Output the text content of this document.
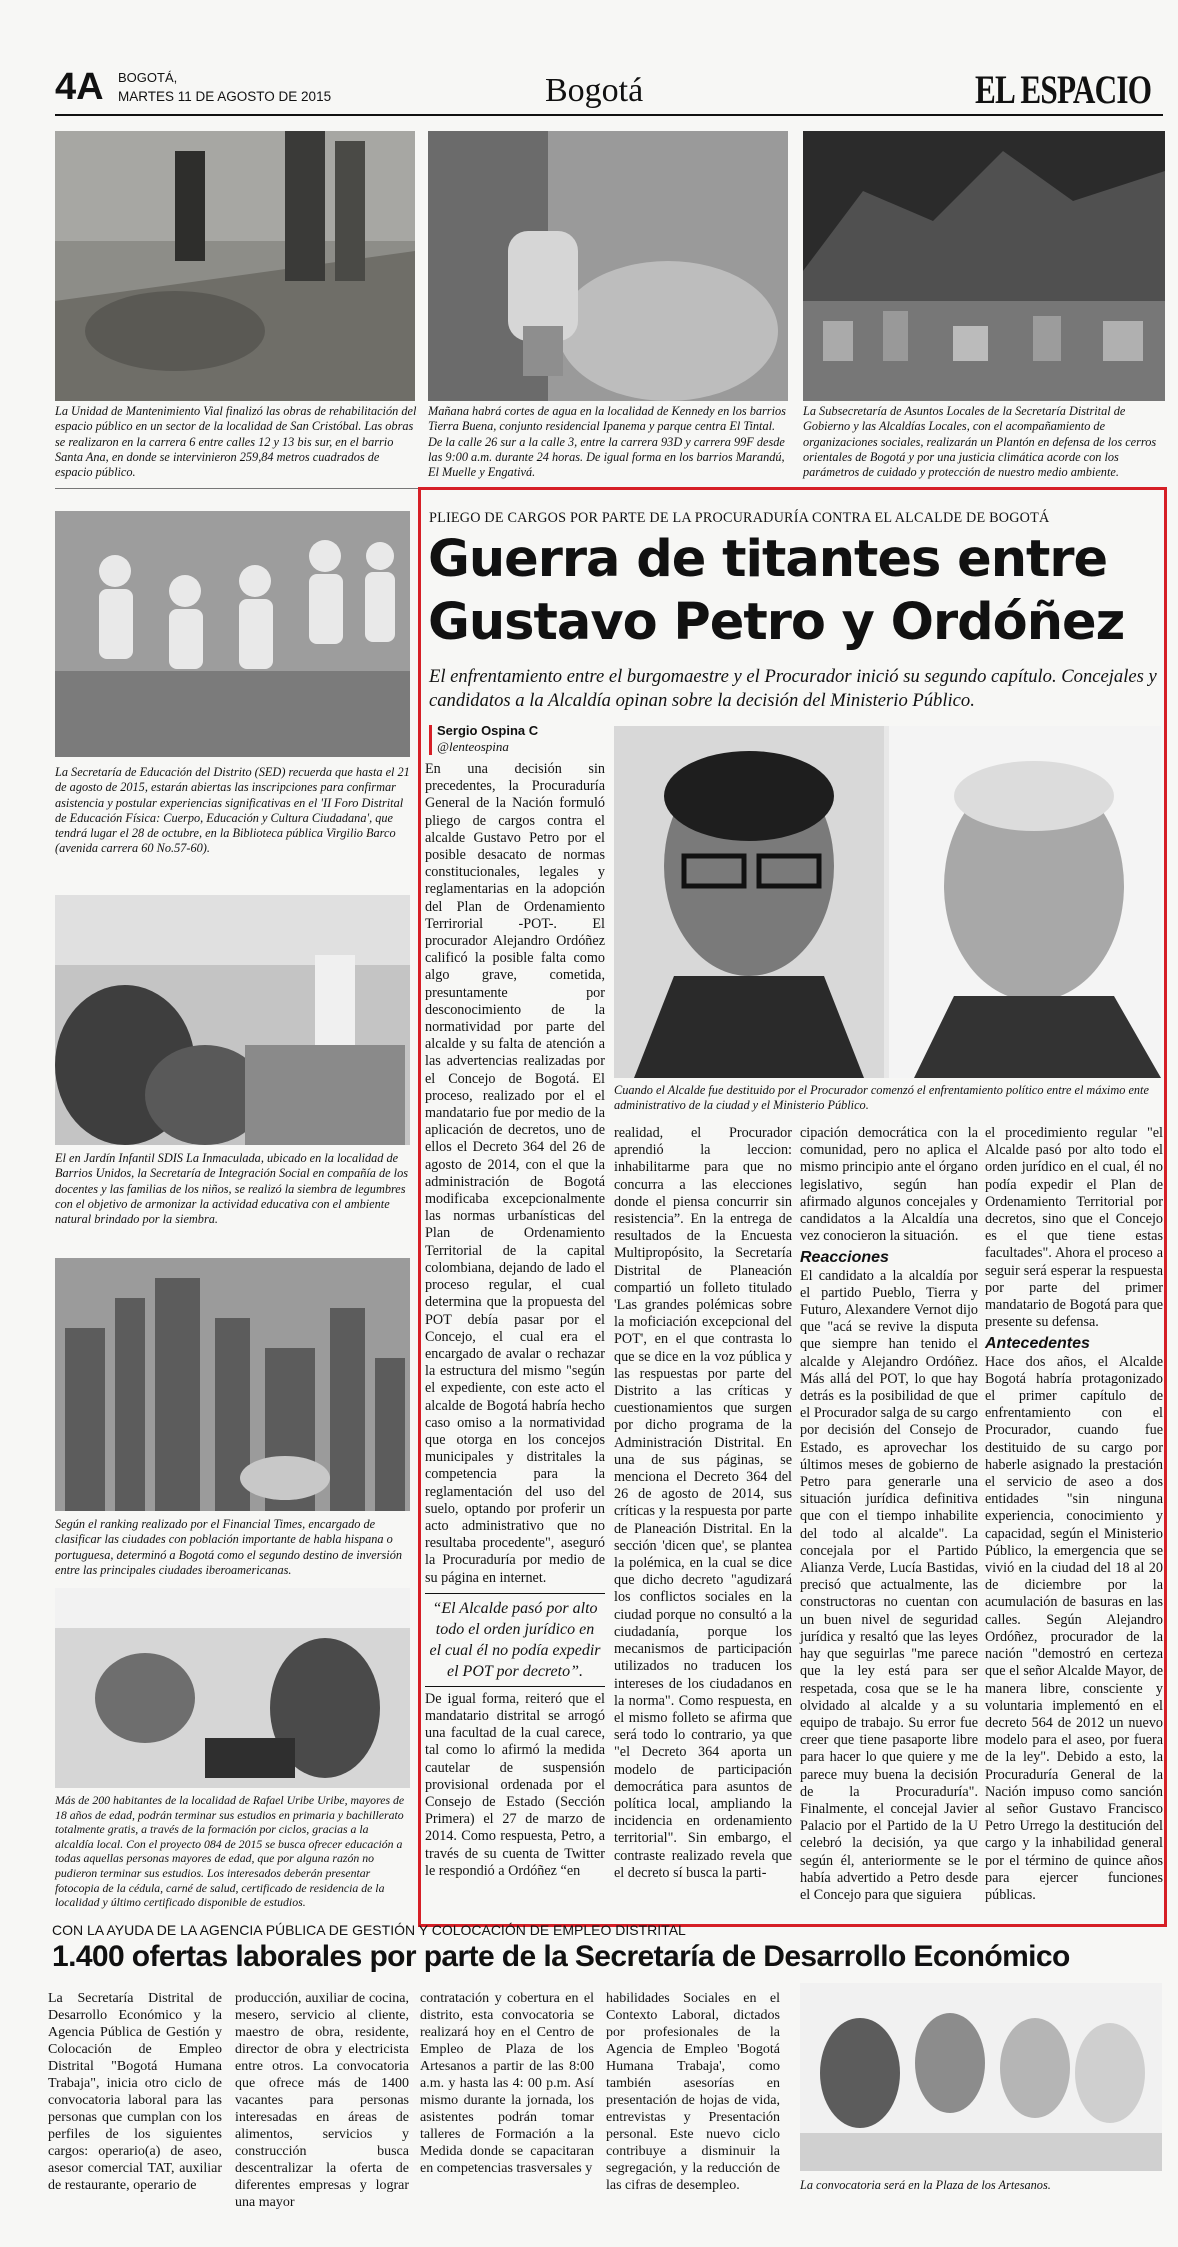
4A BOGOTÁ,
MARTES 11 DE AGOSTO DE 2015	Bogotá	EL ESPACIO
La Unidad de Mantenimiento Vial finalizó las obras de rehabilitación del espacio público en un sector de la localidad de San Cristóbal. Las obras se realizaron en la carrera 6 entre calles 12 y 13 bis sur, en el barrio Santa Ana, en donde se intervinieron 259,84 metros cuadrados de espacio público.
Mañana habrá cortes de agua en la localidad de Kennedy en los barrios Tierra Buena, conjunto residencial Ipanema y parque centra El Tintal. De la calle 26 sur a la calle 3, entre la carrera 93D y carrera 99F desde las 9:00 a.m. durante 24 horas. De igual forma en los barrios Marandú, El Muelle y Engativá.
La Subsecretaría de Asuntos Locales de la Secretaría Distrital de Gobierno y las Alcaldías Locales, con el acompañamiento de organizaciones sociales, realizarán un Plantón en defensa de los cerros orientales de Bogotá y por una justicia climática acorde con los parámetros de cuidado y protección de nuestro medio ambiente.
La Secretaría de Educación del Distrito (SED) recuerda que hasta el 21 de agosto de 2015, estarán abiertas las inscripciones para confirmar asistencia y postular experiencias significativas en el 'II Foro Distrital de Educación Física: Cuerpo, Educación y Cultura Ciudadana', que tendrá lugar el 28 de octubre, en la Biblioteca pública Virgilio Barco (avenida carrera 60 No.57-60).
El en Jardín Infantil SDIS La Inmaculada, ubicado en la localidad de Barrios Unidos, la Secretaría de Integración Social en compañía de los docentes y las familias de los niños, se realizó la siembra de legumbres con el objetivo de armonizar la actividad educativa con el ambiente natural brindado por la siembra.
Según el ranking realizado por el Financial Times, encargado de clasificar las ciudades con población importante de habla hispana o portuguesa, determinó a Bogotá como el segundo destino de inversión entre las principales ciudades iberoamericanas.
Más de 200 habitantes de la localidad de Rafael Uribe Uribe, mayores de 18 años de edad, podrán terminar sus estudios en primaria y bachillerato totalmente gratis, a través de la formación por ciclos, gracias a la alcaldía local. Con el proyecto 084 de 2015 se busca ofrecer educación a todas aquellas personas mayores de edad, que por alguna razón no pudieron terminar sus estudios. Los interesados deberán presentar fotocopia de la cédula, carné de salud, certificado de residencia de la localidad y último certificado disponible de estudios.
PLIEGO DE CARGOS POR PARTE DE LA PROCURADURÍA CONTRA EL ALCALDE DE BOGOTÁ
Guerra de titantes entre
Gustavo Petro y Ordóñez
El enfrentamiento entre el burgomaestre y el Procurador inició su segundo capítulo. Concejales y candidatos a la Alcaldía opinan sobre la decisión del Ministerio Público.
Sergio Ospina C
@lenteospina
Cuando el Alcalde fue destituido por el Procurador comenzó el enfrentamiento político entre el máximo ente administrativo de la ciudad y el Ministerio Público.

En una decisión sin precedentes, la Procuraduría General de la Nación formuló pliego de cargos contra el alcalde Gustavo Petro por el posible desacato de normas constitucionales, legales y reglamentarias en la adopción del Plan de Ordenamiento Terrirorial -POT-. El procurador Alejandro Ordóñez calificó la posible falta como algo grave, cometida, presuntamente por desconocimiento de la normatividad por parte del alcalde y su falta de atención a las advertencias realizadas por el Concejo de Bogotá. El proceso, realizado por el el mandatario fue por medio de la aplicación de decretos, uno de ellos el Decreto 364 del 26 de agosto de 2014, con el que la administración de Bogotá modificaba excepcionalmente las normas urbanísticas del Plan de Ordenamiento Territorial de la capital colombiana, dejando de lado el proceso regular, el cual determina que la propuesta del POT debía pasar por el Concejo, el cual era el encargado de avalar o rechazar la estructura del mismo "según el expediente, con este acto el alcalde de Bogotá habría hecho caso omiso a la normatividad que otorga en los concejos municipales y distritales la competencia para la reglamentación del uso del suelo, optando por proferir un acto administrativo que no resultaba procedente", aseguró la Procuraduría por medio de su página en internet.

“El Alcalde pasó por alto todo el orden jurídico en el cual él no podía expedir el POT por decreto”.

De igual forma, reiteró que el mandatario distrital se arrogó una facultad de la cual carece, tal como lo afirmó la medida cautelar de suspensión provisional ordenada por el Consejo de Estado (Sección Primera) el 27 de marzo de 2014. Como respuesta, Petro, a través de su cuenta de Twitter le respondió a Ordóñez “en

realidad, el Procurador aprendió la leccion: inhabilitarme para que no concurra a las elecciones donde el piensa concurrir sin resistencia”. En la entrega de resultados de la Encuesta Multipropósito, la Secretaría Distrital de Planeación compartió un folleto titulado 'Las grandes polémicas sobre la moficiación excepcional del POT', en el que contrasta lo que se dice en la voz pública y las respuestas por parte del Distrito a las críticas y cuestionamientos que surgen por dicho programa de la Administración Distrital. En una de sus páginas, se menciona el Decreto 364 del 26 de agosto de 2014, sus críticas y la respuesta por parte de Planeación Distrital. En la sección 'dicen que', se plantea la polémica, en la cual se dice que dicho decreto "agudizará los conflictos sociales en la ciudad porque no consultó a la ciudadanía, porque los mecanismos de participación utilizados no traducen los intereses de los ciudadanos en la norma". Como respuesta, en el mismo folleto se afirma que será todo lo contrario, ya que "el Decreto 364 aporta un modelo de participación democrática para asuntos de política local, ampliando la incidencia en ordenamiento territorial". Sin embargo, el contraste realizado revela que el decreto sí busca la parti-

cipación democrática con la comunidad, pero no aplica el mismo principio ante el órgano legislativo, según han afirmado algunos concejales y candidatos a la Alcaldía una vez conocieron la situación.

Reacciones

El candidato a la alcaldía por el partido Pueblo, Tierra y Futuro, Alexandere Vernot dijo que "acá se revive la disputa que siempre han tenido el alcalde y Alejandro Ordóñez. Más allá del POT, lo que hay detrás es la posibilidad de que el Procurador salga de su cargo por decisión del Consejo de Estado, es aprovechar los últimos meses de gobierno de Petro para generarle una situación jurídica definitiva que con el tiempo inhabilite del todo al alcalde". La concejala por el Partido Alianza Verde, Lucía Bastidas, precisó que actualmente, las constructoras no cuentan con un buen nivel de seguridad jurídica y resaltó que las leyes hay que seguirlas "me parece que la ley está para ser respetada, cosa que se le ha olvidado al alcalde y a su equipo de trabajo. Su error fue creer que tiene pasaporte libre para hacer lo que quiere y me parece muy buena la decisión de la Procuraduría". Finalmente, el concejal Javier Palacio por el Partido de la U celebró la decisión, ya que según él, anteriormente se le había advertido a Petro desde el Concejo para que siguiera

el procedimiento regular "el Alcalde pasó por alto todo el orden jurídico en el cual, él no podía expedir el Plan de Ordenamiento Territorial por decretos, sino que el Concejo es el que tiene estas facultades". Ahora el proceso a seguir será esperar la respuesta por parte del primer mandatario de Bogotá para que presente su defensa.

Antecedentes

Hace dos años, el Alcalde Bogotá habría protagonizado el primer capítulo de enfrentamiento con el Procurador, cuando fue destituido de su cargo por haberle asignado la prestación el servicio de aseo a dos entidades "sin ninguna experiencia, conocimiento y capacidad, según el Ministerio Público, la emergencia que se vivió en la ciudad del 18 al 20 de diciembre por la acumulación de basuras en las calles. Según Alejandro Ordóñez, procurador de la nación "demostró en certeza que el señor Alcalde Mayor, de manera libre, consciente y voluntaria implementó en el decreto 564 de 2012 un nuevo modelo para el aseo, por fuera de la ley". Debido a esto, la Procuraduría General de la Nación impuso como sanción al señor Gustavo Francisco Petro Urrego la destitución del cargo y la inhabilidad general por el término de quince años para ejercer funciones públicas.

CON LA AYUDA DE LA AGENCIA PÚBLICA DE GESTIÓN Y COLOCACIÓN DE EMPLEO DISTRITAL
1.400 ofertas laborales por parte de la Secretaría de Desarrollo Económico

La Secretaría Distrital de Desarrollo Económico y la Agencia Pública de Gestión y Colocación de Empleo Distrital "Bogotá Humana Trabaja", inicia otro ciclo de convocatoria laboral para las personas que cumplan con los perfiles de los siguientes cargos: operario(a) de aseo, asesor comercial TAT, auxiliar de restaurante, operario de

producción, auxiliar de cocina, mesero, servicio al cliente, maestro de obra, residente, director de obra y electricista entre otros. La convocatoria que ofrece más de 1400 vacantes para personas interesadas en áreas de alimentos, servicios y construcción busca descentralizar la oferta de diferentes empresas y lograr una mayor

contratación y cobertura en el distrito, esta convocatoria se realizará hoy en el Centro de Empleo de Plaza de los Artesanos a partir de las 8:00 a.m. y hasta las 4: 00 p.m. Así mismo durante la jornada, los asistentes podrán tomar talleres de Formación a la Medida donde se capacitaran en competencias trasversales y

habilidades Sociales en el Contexto Laboral, dictados por profesionales de la Agencia de Empleo 'Bogotá Humana Trabaja', como también asesorías en presentación de hojas de vida, entrevistas y Presentación personal. Este nuevo ciclo contribuye a disminuir la segregación, y la reducción de las cifras de desempleo.	La convocatoria será en la Plaza de los Artesanos.
